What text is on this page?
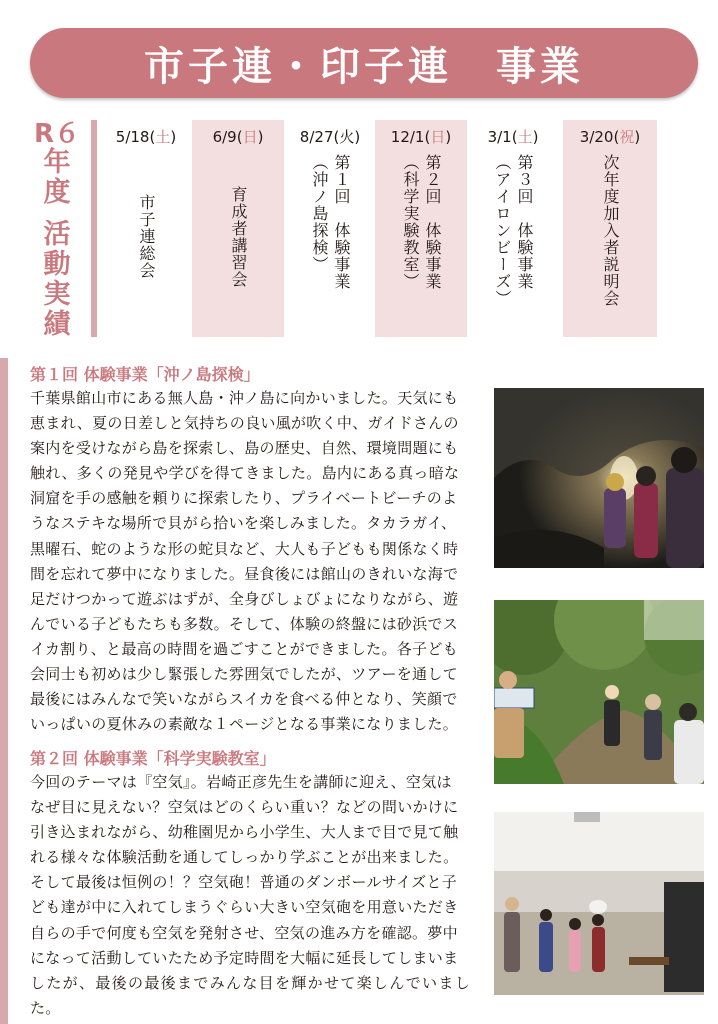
市子連・印子連　事業
R６
年
度
活
動
実
績
5/18(土)
市子連総会
6/9(日)
育成者講習会
8/27(火)
第１回　体験事業
（沖ノ島探検）
12/1(日)
第２回　体験事業
（科学実験教室）
3/1(土)
第３回　体験事業
（アイロンビーズ）
3/20(祝)
次年度加入者説明会
第１回 体験事業「沖ノ島探検」
千葉県館山市にある無人島・沖ノ島に向かいました。天気にも
恵まれ、夏の日差しと気持ちの良い風が吹く中、ガイドさんの
案内を受けながら島を探索し、島の歴史、自然、環境問題にも
触れ、多くの発見や学びを得てきました。島内にある真っ暗な
洞窟を手の感触を頼りに探索したり、プライベートビーチのよ
うなステキな場所で貝がら拾いを楽しみました。タカラガイ、
黒曜石、蛇のような形の蛇貝など、大人も子どもも関係なく時
間を忘れて夢中になりました。昼食後には館山のきれいな海で
足だけつかって遊ぶはずが、全身びしょびょになりながら、遊
んでいる子どもたちも多数。そして、体験の終盤には砂浜でス
イカ割り、と最高の時間を過ごすことができました。各子ども
会同士も初めは少し緊張した雰囲気でしたが、ツアーを通して
最後にはみんなで笑いながらスイカを食べる仲となり、笑顔で
いっぱいの夏休みの素敵な１ページとなる事業になりました。
第２回 体験事業「科学実験教室」
今回のテーマは『空気』。岩崎正彦先生を講師に迎え、空気は
なぜ目に見えない？空気はどのくらい重い？などの問いかけに
引き込まれながら、幼稚園児から小学生、大人まで目で見て触
れる様々な体験活動を通してしっかり学ぶことが出来ました。
そして最後は恒例の！？空気砲！普通のダンボールサイズと子
ども達が中に入れてしまうぐらい大きい空気砲を用意いただき
自らの手で何度も空気を発射させ、空気の進み方を確認。夢中
になって活動していたため予定時間を大幅に延長してしまいま
したが、最後の最後までみんな目を輝かせて楽しんでいました。
